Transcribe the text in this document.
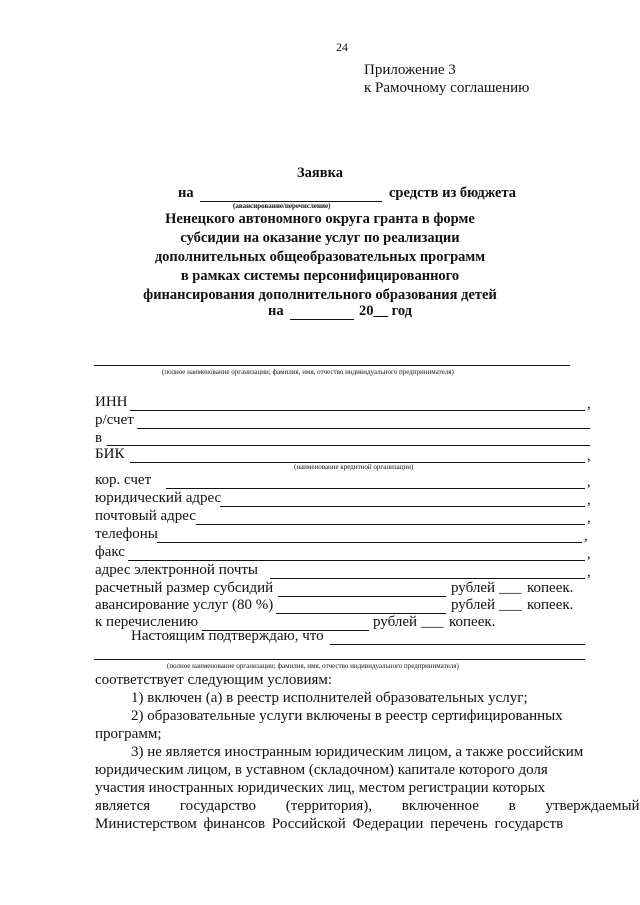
24
Приложение 3
к Рамочному соглашению
Заявка
на	средств из бюджета
(авансирование/перечисление)
Ненецкого автономного округа гранта в форме
субсидии на оказание услуг по реализации
дополнительных общеобразовательных программ
в рамках системы персонифицированного
финансирования дополнительного образования детей
на	20__ год
(полное наименование организации; фамилия, имя, отчество индивидуального предпринимателя)
ИНН	,
р/счет
в
БИК	,
(наименование кредитной организации)
кор. счет	,
юридический адрес	,
почтовый адрес	,
телефоны	,
факс	,
адрес электронной почты	,
расчетный размер субсидий	рублей ___ копеек.
авансирование услуг (80 %)	рублей ___ копеек.
к перечислению	рублей ___ копеек.
Настоящим подтверждаю, что
(полное наименование организации; фамилия, имя, отчество индивидуального предпринимателя)
соответствует следующим условиям:
1) включен (а) в реестр исполнителей образовательных услуг;
2) образовательные услуги включены в реестр сертифицированных
программ;
3) не является иностранным юридическим лицом, а также российским
юридическим лицом, в уставном (складочном) капитале которого доля
участия иностранных юридических лиц, местом регистрации которых
является государство (территория), включенное в утверждаемый
Министерством финансов Российской Федерации перечень государств
